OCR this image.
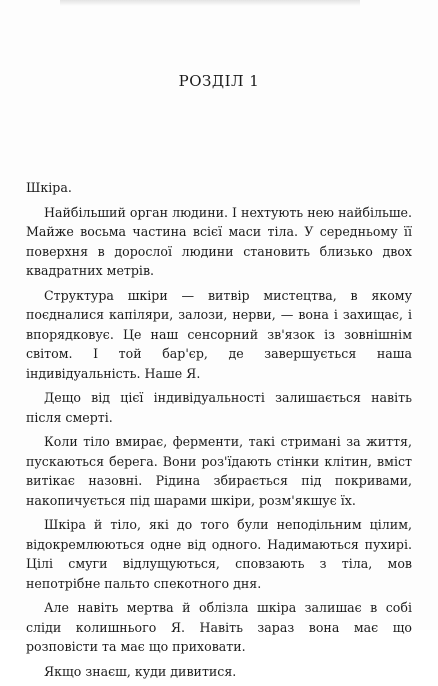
РОЗДІЛ 1

Шкіра.

Найбільший орган людини. І нехтують нею найбільше. Майже восьма частина всієї маси тіла. У середньому її поверхня в дорослої людини становить близько двох квадратних метрів.

Структура шкіри — витвір мистецтва, в якому поєдналися капіляри, залози, нерви, — вона і захищає, і впорядковує. Це наш сенсорний зв'язок із зовнішнім світом. І той бар'єр, де завершується наша індивідуальність. Наше Я.

Дещо від цієї індивідуальності залишається навіть після смерті.

Коли тіло вмирає, ферменти, такі стримані за життя, пускаються берега. Вони роз'їдають стінки клітин, вміст витікає назовні. Рідина збирається під покривами, накопичується під шарами шкіри, розм'якшує їх.

Шкіра й тіло, які до того були неподільним цілим, відокремлюються одне від одного. Надимаються пухирі. Цілі смуги відлущуються, сповзають з тіла, мов непотрібне пальто спекотного дня.

Але навіть мертва й облізла шкіра залишає в собі сліди колишнього Я. Навіть зараз вона має що розповісти та має що приховати.

Якщо знаєш, куди дивитися.
